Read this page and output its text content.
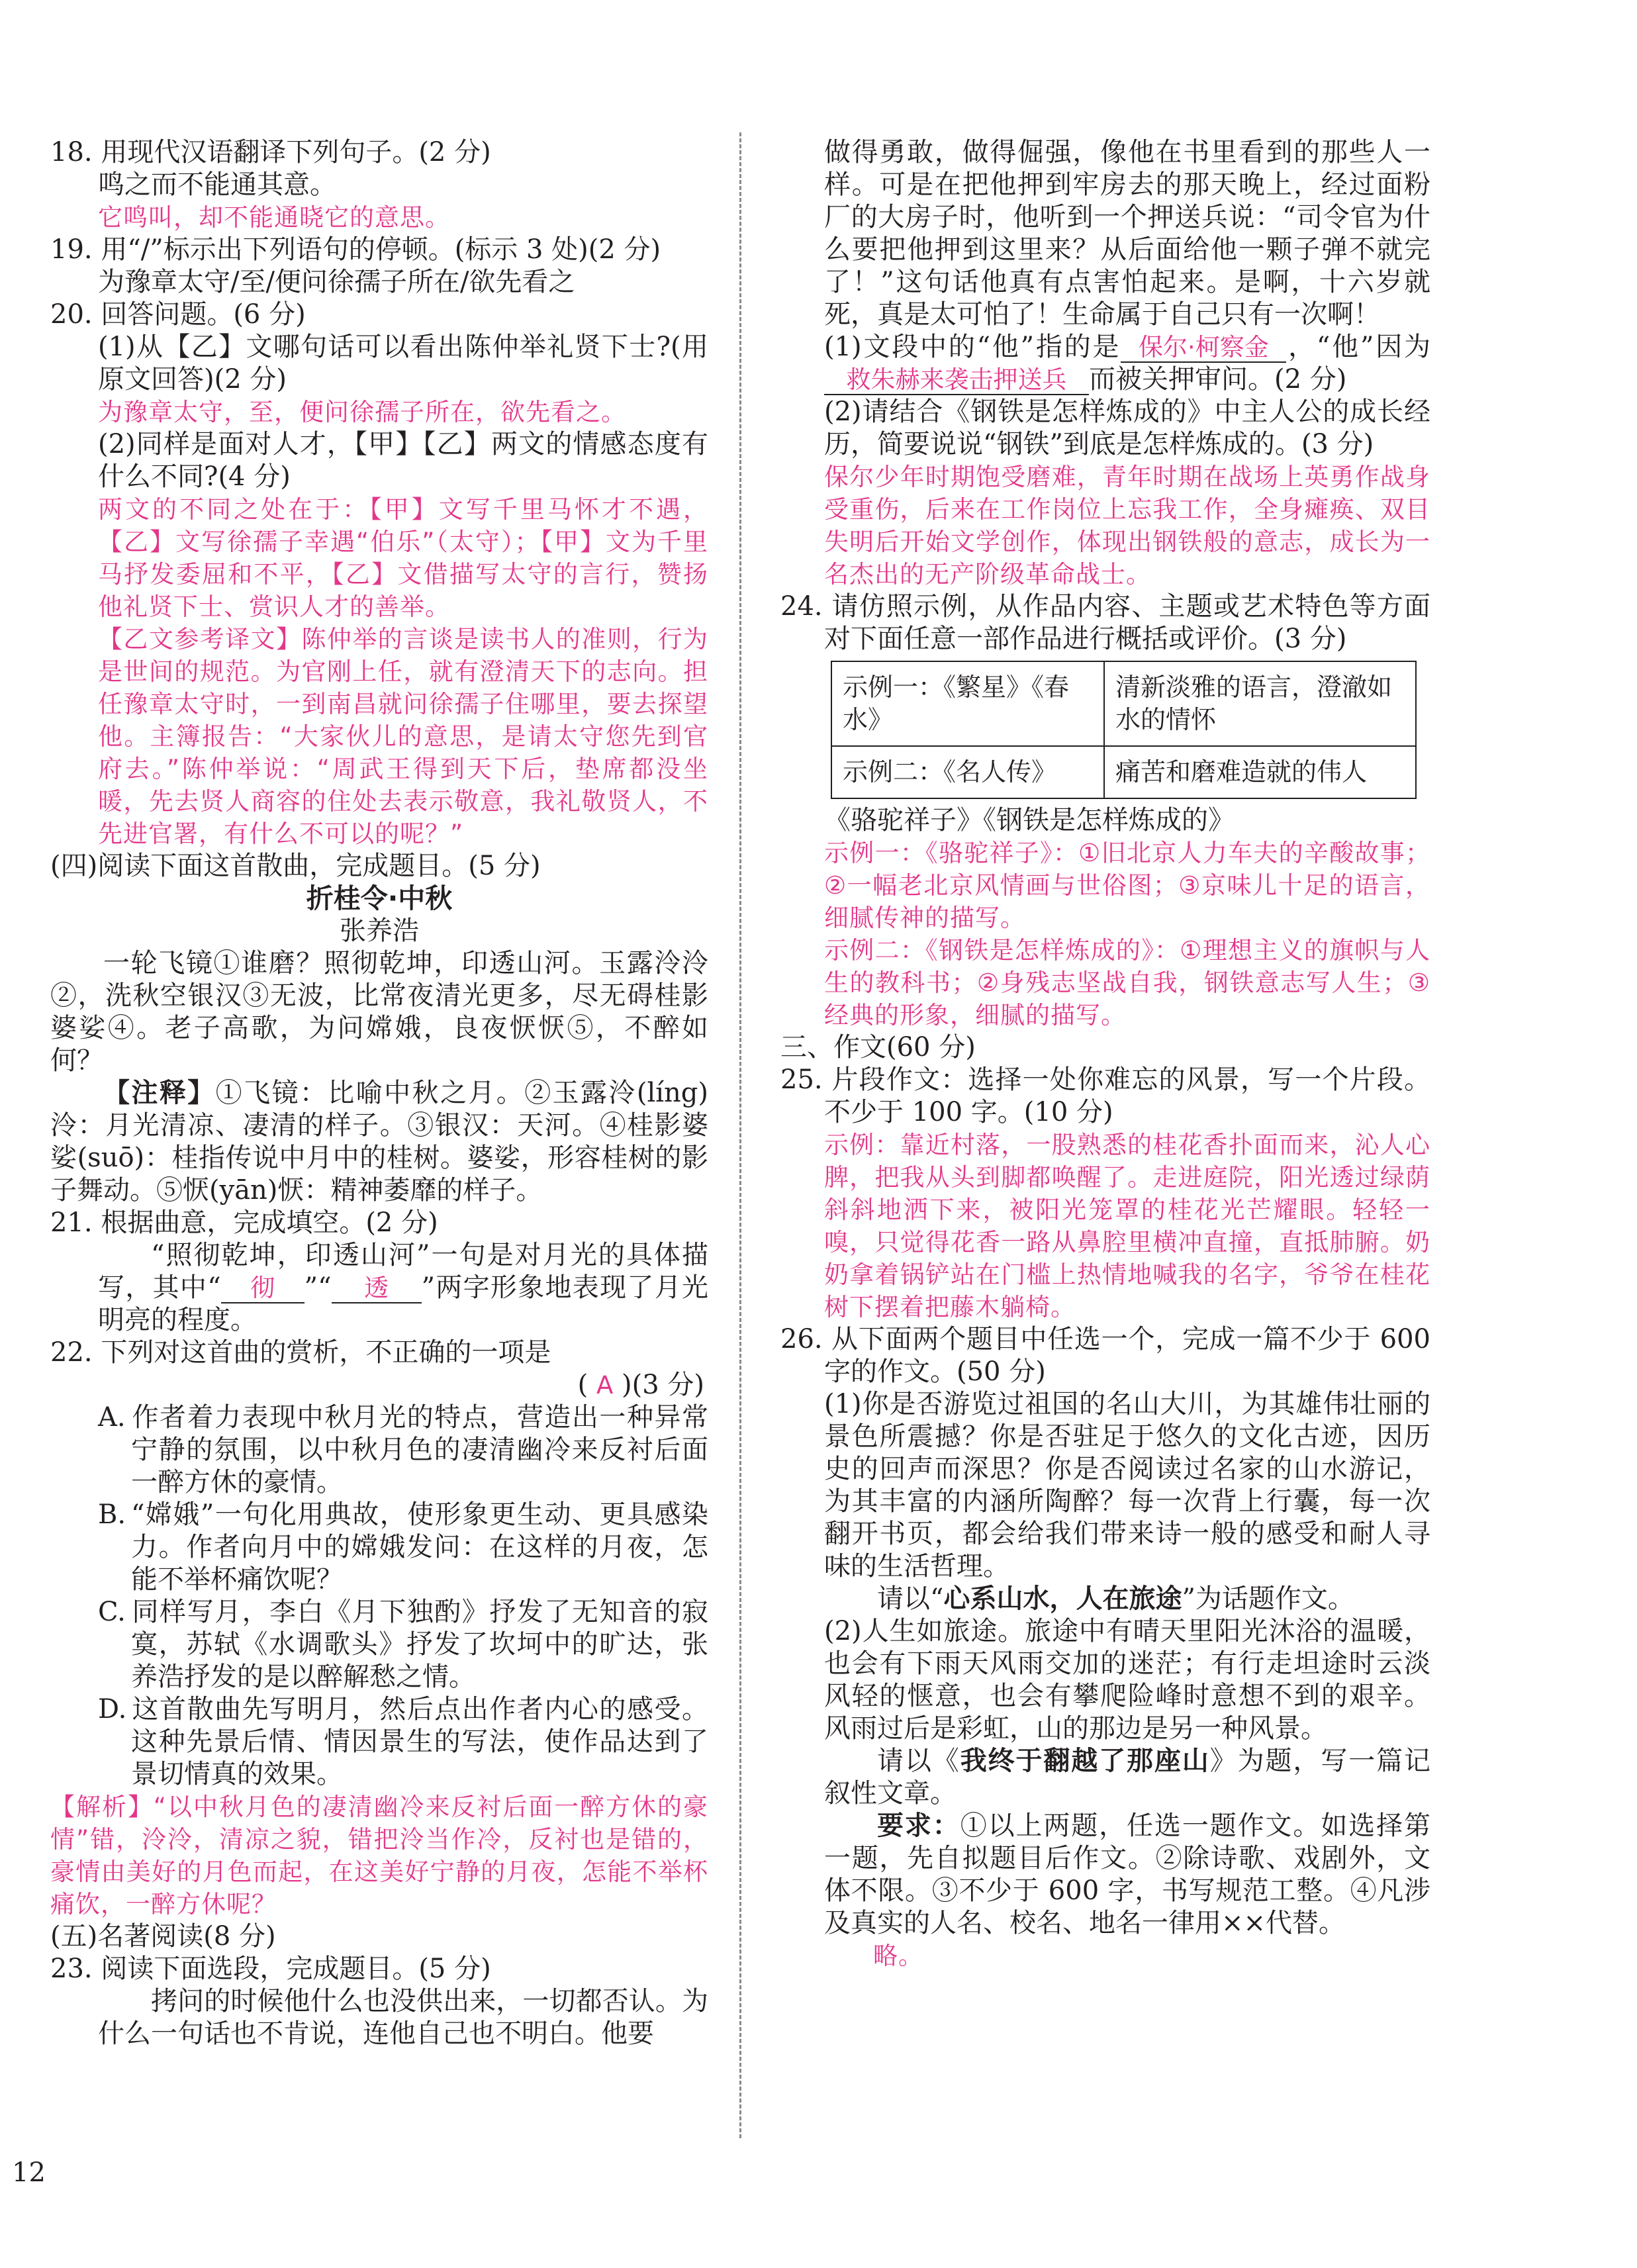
18. 用现代汉语翻译下列句子。(2 分)

鸣之而不能通其意。

它鸣叫，却不能通晓它的意思。

19. 用“/”标示出下列语句的停顿。(标示 3 处)(2 分)

为豫章太守/至/便问徐孺子所在/欲先看之

20. 回答问题。(6 分)

(1)从【乙】文哪句话可以看出陈仲举礼贤下士?(用原文回答)(2 分)

为豫章太守，至，便问徐孺子所在，欲先看之。

(2)同样是面对人才，【甲】【乙】两文的情感态度有什么不同?(4 分)

两文的不同之处在于：【甲】文写千里马怀才不遇，【乙】文写徐孺子幸遇“伯乐”（太守）；【甲】文为千里马抒发委屈和不平，【乙】文借描写太守的言行，赞扬他礼贤下士、赏识人才的善举。

【乙文参考译文】陈仲举的言谈是读书人的准则，行为是世间的规范。为官刚上任，就有澄清天下的志向。担任豫章太守时，一到南昌就问徐孺子住哪里，要去探望他。主簿报告：“大家伙儿的意思，是请太守您先到官府去。”陈仲举说：“周武王得到天下后，垫席都没坐暖，先去贤人商容的住处去表示敬意，我礼敬贤人，不先进官署，有什么不可以的呢？”

(四)阅读下面这首散曲，完成题目。(5 分)

折桂令·中秋

张养浩

一轮飞镜①谁磨？照彻乾坤，印透山河。玉露泠泠②，洗秋空银汉③无波，比常夜清光更多，尽无碍桂影婆娑④。老子高歌，为问嫦娥，良夜恹恹⑤，不醉如何？

【注释】①飞镜：比喻中秋之月。②玉露泠(líng)泠：月光清凉、凄清的样子。③银汉：天河。④桂影婆娑(suō)：桂指传说中月中的桂树。婆娑，形容桂树的影子舞动。⑤恹(yān)恹：精神萎靡的样子。

21. 根据曲意，完成填空。(2 分)

“照彻乾坤，印透山河”一句是对月光的具体描写，其中“ 彻 ”“ 透 ”两字形象地表现了月光明亮的程度。

22. 下列对这首曲的赏析，不正确的一项是

( A )(3 分)

A. 作者着力表现中秋月光的特点，营造出一种异常宁静的氛围，以中秋月色的凄清幽冷来反衬后面一醉方休的豪情。

B. “嫦娥”一句化用典故，使形象更生动、更具感染力。作者向月中的嫦娥发问：在这样的月夜，怎能不举杯痛饮呢？

C. 同样写月，李白《月下独酌》抒发了无知音的寂寞，苏轼《水调歌头》抒发了坎坷中的旷达，张养浩抒发的是以醉解愁之情。

D. 这首散曲先写明月，然后点出作者内心的感受。这种先景后情、情因景生的写法，使作品达到了景切情真的效果。

【解析】“以中秋月色的凄清幽冷来反衬后面一醉方休的豪情”错，泠泠，清凉之貌，错把泠当作冷，反衬也是错的，豪情由美好的月色而起，在这美好宁静的月夜，怎能不举杯痛饮，一醉方休呢？

(五)名著阅读(8 分)

23. 阅读下面选段，完成题目。(5 分)

拷问的时候他什么也没供出来，一切都否认。为什么一句话也不肯说，连他自己也不明白。他要

做得勇敢，做得倔强，像他在书里看到的那些人一样。可是在把他押到牢房去的那天晚上，经过面粉厂的大房子时，他听到一个押送兵说：“司令官为什么要把他押到这里来？从后面给他一颗子弹不就完了！”这句话他真有点害怕起来。是啊，十六岁就死，真是太可怕了！生命属于自己只有一次啊！

(1)文段中的“他”指的是 保尔·柯察金 ，“他”因为救朱赫来袭击押送兵 而被关押审问。(2 分)

(2)请结合《钢铁是怎样炼成的》中主人公的成长经历，简要说说“钢铁”到底是怎样炼成的。(3 分)

保尔少年时期饱受磨难，青年时期在战场上英勇作战身受重伤，后来在工作岗位上忘我工作，全身瘫痪、双目失明后开始文学创作，体现出钢铁般的意志，成长为一名杰出的无产阶级革命战士。

24. 请仿照示例，从作品内容、主题或艺术特色等方面对下面任意一部作品进行概括或评价。(3 分)

示例一：《繁星》《春水》	清新淡雅的语言，澄澈如水的情怀
示例二：《名人传》	痛苦和磨难造就的伟人

《骆驼祥子》《钢铁是怎样炼成的》

示例一：《骆驼祥子》：①旧北京人力车夫的辛酸故事；②一幅老北京风情画与世俗图；③京味儿十足的语言，细腻传神的描写。

示例二：《钢铁是怎样炼成的》：①理想主义的旗帜与人生的教科书；②身残志坚战自我，钢铁意志写人生；③经典的形象，细腻的描写。

三、作文(60 分)

25. 片段作文：选择一处你难忘的风景，写一个片段。不少于 100 字。(10 分)

示例：靠近村落，一股熟悉的桂花香扑面而来，沁人心脾，把我从头到脚都唤醒了。走进庭院，阳光透过绿荫斜斜地洒下来，被阳光笼罩的桂花光芒耀眼。轻轻一嗅，只觉得花香一路从鼻腔里横冲直撞，直抵肺腑。奶奶拿着锅铲站在门槛上热情地喊我的名字，爷爷在桂花树下摆着把藤木躺椅。

26. 从下面两个题目中任选一个，完成一篇不少于 600 字的作文。(50 分)

(1)你是否游览过祖国的名山大川，为其雄伟壮丽的景色所震撼？你是否驻足于悠久的文化古迹，因历史的回声而深思？你是否阅读过名家的山水游记，为其丰富的内涵所陶醉？每一次背上行囊，每一次翻开书页，都会给我们带来诗一般的感受和耐人寻味的生活哲理。

请以“心系山水，人在旅途”为话题作文。

(2)人生如旅途。旅途中有晴天里阳光沐浴的温暖，也会有下雨天风雨交加的迷茫；有行走坦途时云淡风轻的惬意，也会有攀爬险峰时意想不到的艰辛。风雨过后是彩虹，山的那边是另一种风景。

请以《我终于翻越了那座山》为题，写一篇记叙性文章。

要求：①以上两题，任选一题作文。如选择第一题，先自拟题目后作文。②除诗歌、戏剧外，文体不限。③不少于 600 字，书写规范工整。④凡涉及真实的人名、校名、地名一律用××代替。

略。

12
